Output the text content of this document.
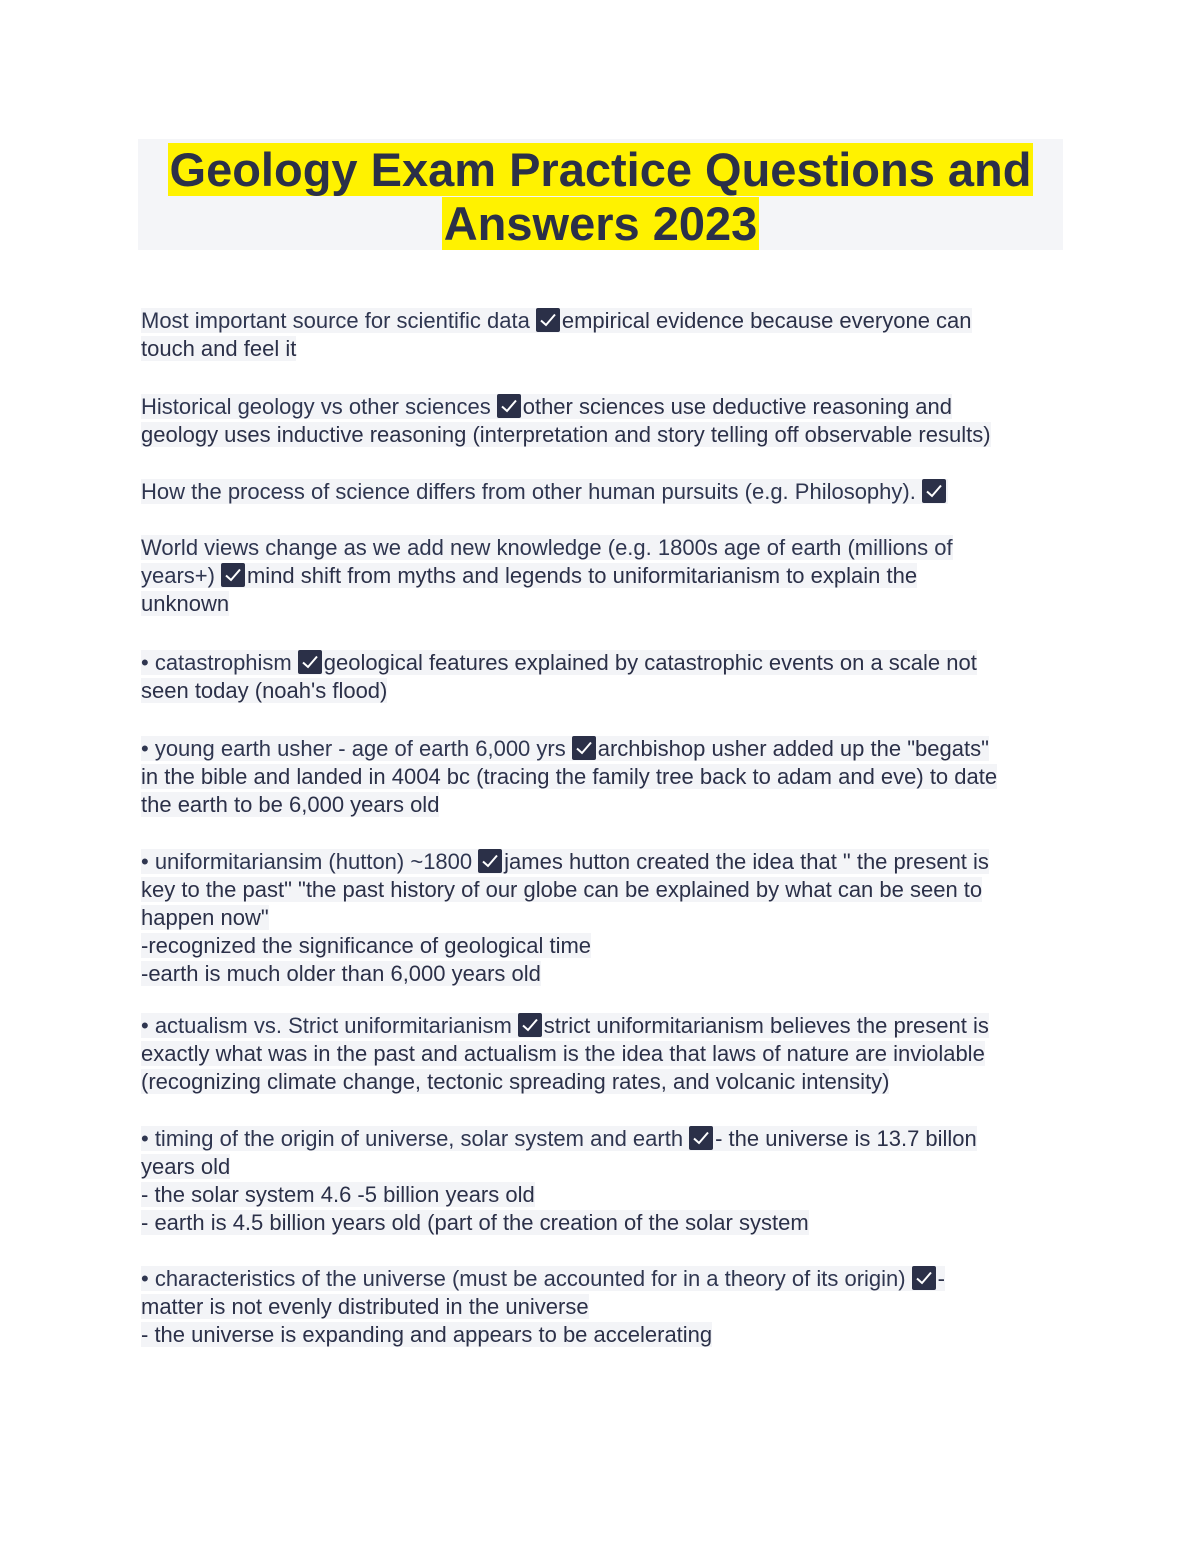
Geology Exam Practice Questions and
Answers 2023
Most important source for scientific data empirical evidence because everyone can
touch and feel it
Historical geology vs other sciences other sciences use deductive reasoning and
geology uses inductive reasoning (interpretation and story telling off observable results)
How the process of science differs from other human pursuits (e.g. Philosophy).
World views change as we add new knowledge (e.g. 1800s age of earth (millions of
years+) mind shift from myths and legends to uniformitarianism to explain the
unknown
• catastrophism geological features explained by catastrophic events on a scale not
seen today (noah's flood)
• young earth usher - age of earth 6,000 yrs archbishop usher added up the "begats"
in the bible and landed in 4004 bc (tracing the family tree back to adam and eve) to date
the earth to be 6,000 years old
• uniformitariansim (hutton) ~1800 james hutton created the idea that " the present is
key to the past" "the past history of our globe can be explained by what can be seen to
happen now"
-recognized the significance of geological time
-earth is much older than 6,000 years old
• actualism vs. Strict uniformitarianism strict uniformitarianism believes the present is
exactly what was in the past and actualism is the idea that laws of nature are inviolable
(recognizing climate change, tectonic spreading rates, and volcanic intensity)
• timing of the origin of universe, solar system and earth - the universe is 13.7 billon
years old
- the solar system 4.6 -5 billion years old
- earth is 4.5 billion years old (part of the creation of the solar system
• characteristics of the universe (must be accounted for in a theory of its origin) -
matter is not evenly distributed in the universe
- the universe is expanding and appears to be accelerating
